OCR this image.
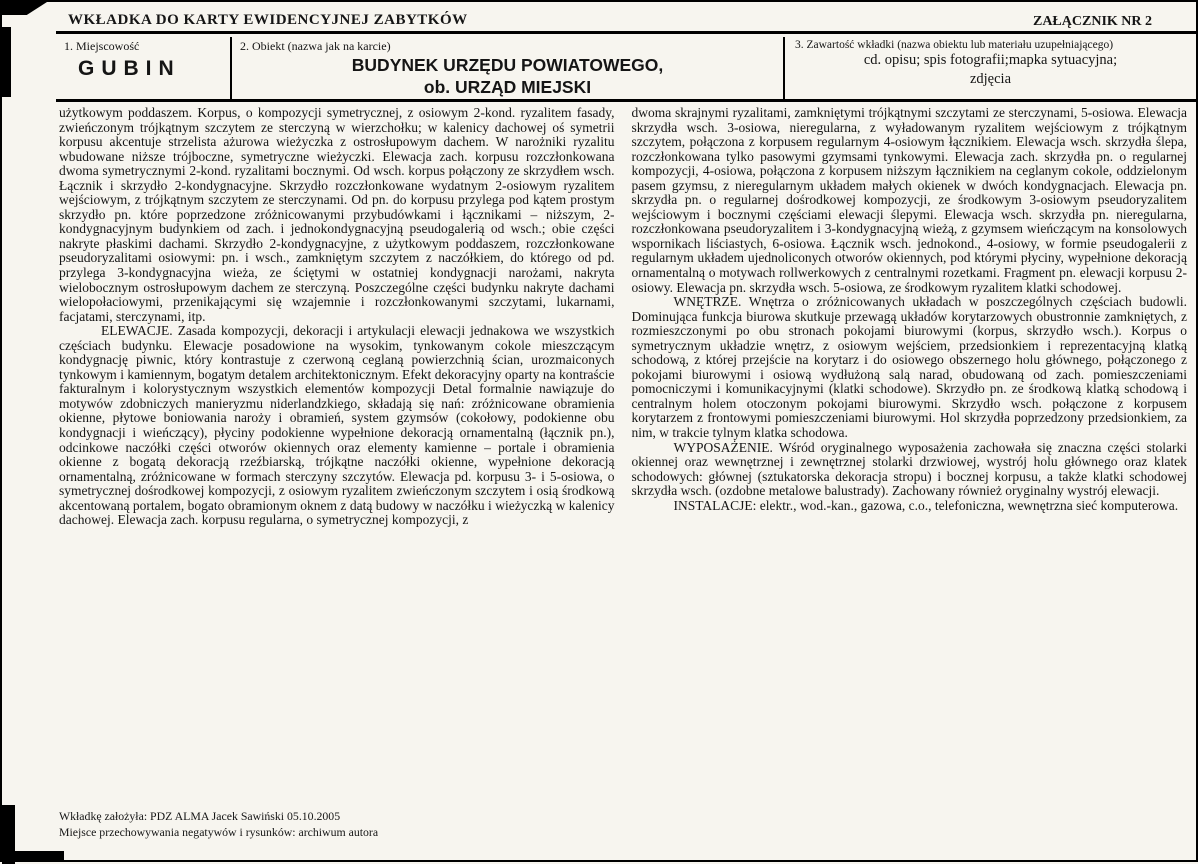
WKŁADKA DO KARTY EWIDENCYJNEJ ZABYTKÓW	ZAŁĄCZNIK NR 2
1. Miejscowość
GUBIN
2. Obiekt (nazwa jak na karcie)
BUDYNEK URZĘDU POWIATOWEGO,
ob. URZĄD MIEJSKI
3. Zawartość wkładki (nazwa obiektu lub materiału uzupełniającego)
cd. opisu; spis fotografii;mapka sytuacyjna;
zdjęcia

użytkowym poddaszem. Korpus, o kompozycji symetrycznej, z osiowym 2-kond. ryzalitem fasady, zwieńczonym trójkątnym szczytem ze sterczyną w wierzchołku; w kalenicy dachowej oś symetrii korpusu akcentuje strzelista ażurowa wieżyczka z ostrosłupowym dachem. W narożniki ryzalitu wbudowane niższe trójboczne, symetryczne wieżyczki. Elewacja zach. korpusu rozczłonkowana dwoma symetrycznymi 2-kond. ryzalitami bocznymi. Od wsch. korpus połączony ze skrzydłem wsch. Łącznik i skrzydło 2-kondygnacyjne. Skrzydło rozczłonkowane wydatnym 2-osiowym ryzalitem wejściowym, z trójkątnym szczytem ze sterczynami. Od pn. do korpusu przylega pod kątem prostym skrzydło pn. które poprzedzone zróżnicowanymi przybudówkami i łącznikami – niższym, 2-kondygnacyjnym budynkiem od zach. i jednokondygnacyjną pseudogalerią od wsch.; obie części nakryte płaskimi dachami. Skrzydło 2-kondygnacyjne, z użytkowym poddaszem, rozczłonkowane pseudoryzalitami osiowymi: pn. i wsch., zamkniętym szczytem z naczółkiem, do którego od pd. przylega 3-kondygnacyjna wieża, ze ściętymi w ostatniej kondygnacji narożami, nakryta wielobocznym ostrosłupowym dachem ze sterczyną. Poszczególne części budynku nakryte dachami wielopołaciowymi, przenikającymi się wzajemnie i rozczłonkowanymi szczytami, lukarnami, facjatami, sterczynami, itp.

ELEWACJE. Zasada kompozycji, dekoracji i artykulacji elewacji jednakowa we wszystkich częściach budynku. Elewacje posadowione na wysokim, tynkowanym cokole mieszczącym kondygnację piwnic, który kontrastuje z czerwoną ceglaną powierzchnią ścian, urozmaiconych tynkowym i kamiennym, bogatym detalem architektonicznym. Efekt dekoracyjny oparty na kontraście fakturalnym i kolorystycznym wszystkich elementów kompozycji Detal formalnie nawiązuje do motywów zdobniczych manieryzmu niderlandzkiego, składają się nań: zróżnicowane obramienia okienne, płytowe boniowania naroży i obramień, system gzymsów (cokołowy, podokienne obu kondygnacji i wieńczący), płyciny podokienne wypełnione dekoracją ornamentalną (łącznik pn.), odcinkowe naczółki części otworów okiennych oraz elementy kamienne – portale i obramienia okienne z bogatą dekoracją rzeźbiarską, trójkątne naczółki okienne, wypełnione dekoracją ornamentalną, zróżnicowane w formach sterczyny szczytów. Elewacja pd. korpusu 3- i 5-osiowa, o symetrycznej dośrodkowej kompozycji, z osiowym ryzalitem zwieńczonym szczytem i osią środkową akcentowaną portalem, bogato obramionym oknem z datą budowy w naczółku i wieżyczką w kalenicy dachowej. Elewacja zach. korpusu regularna, o symetrycznej kompozycji, z

dwoma skrajnymi ryzalitami, zamkniętymi trójkątnymi szczytami ze sterczynami, 5-osiowa. Elewacja skrzydła wsch. 3-osiowa, nieregularna, z wyładowanym ryzalitem wejściowym z trójkątnym szczytem, połączona z korpusem regularnym 4-osiowym łącznikiem. Elewacja wsch. skrzydła ślepa, rozczłonkowana tylko pasowymi gzymsami tynkowymi. Elewacja zach. skrzydła pn. o regularnej kompozycji, 4-osiowa, połączona z korpusem niższym łącznikiem na ceglanym cokole, oddzielonym pasem gzymsu, z nieregularnym układem małych okienek w dwóch kondygnacjach. Elewacja pn. skrzydła pn. o regularnej dośrodkowej kompozycji, ze środkowym 3-osiowym pseudoryzalitem wejściowym i bocznymi częściami elewacji ślepymi. Elewacja wsch. skrzydła pn. nieregularna, rozczłonkowana pseudoryzalitem i 3-kondygnacyjną wieżą, z gzymsem wieńczącym na konsolowych wspornikach liściastych, 6-osiowa. Łącznik wsch. jednokond., 4-osiowy, w formie pseudogalerii z regularnym układem ujednoliconych otworów okiennych, pod którymi płyciny, wypełnione dekoracją ornamentalną o motywach rollwerkowych z centralnymi rozetkami. Fragment pn. elewacji korpusu 2-osiowy. Elewacja pn. skrzydła wsch. 5-osiowa, ze środkowym ryzalitem klatki schodowej.

WNĘTRZE. Wnętrza o zróżnicowanych układach w poszczególnych częściach budowli. Dominująca funkcja biurowa skutkuje przewagą układów korytarzowych obustronnie zamkniętych, z rozmieszczonymi po obu stronach pokojami biurowymi (korpus, skrzydło wsch.). Korpus o symetrycznym układzie wnętrz, z osiowym wejściem, przedsionkiem i reprezentacyjną klatką schodową, z której przejście na korytarz i do osiowego obszernego holu głównego, połączonego z pokojami biurowymi i osiową wydłużoną salą narad, obudowaną od zach. pomieszczeniami pomocniczymi i komunikacyjnymi (klatki schodowe). Skrzydło pn. ze środkową klatką schodową i centralnym holem otoczonym pokojami biurowymi. Skrzydło wsch. połączone z korpusem korytarzem z frontowymi pomieszczeniami biurowymi. Hol skrzydła poprzedzony przedsionkiem, za nim, w trakcie tylnym klatka schodowa.

WYPOSAŻENIE. Wśród oryginalnego wyposażenia zachowała się znaczna części stolarki okiennej oraz wewnętrznej i zewnętrznej stolarki drzwiowej, wystrój holu głównego oraz klatek schodowych: głównej (sztukatorska dekoracja stropu) i bocznej korpusu, a także klatki schodowej skrzydła wsch. (ozdobne metalowe balustrady). Zachowany również oryginalny wystrój elewacji.

INSTALACJE: elektr., wod.-kan., gazowa, c.o., telefoniczna, wewnętrzna sieć komputerowa.

Wkładkę założyła: PDZ ALMA Jacek Sawiński 05.10.2005
Miejsce przechowywania negatywów i rysunków: archiwum autora
